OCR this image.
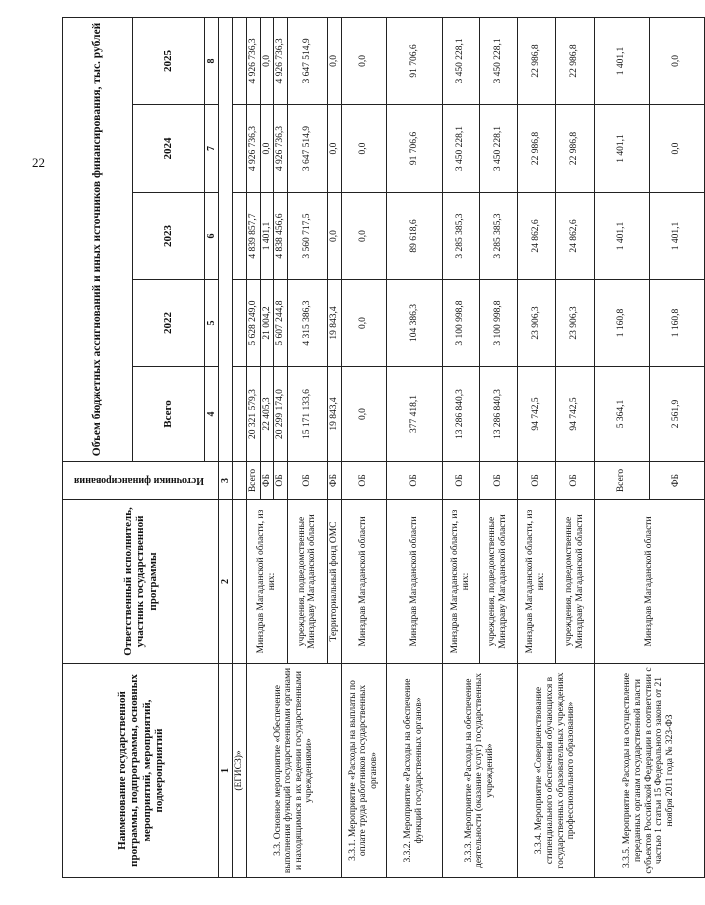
22
Наименование государственной программы, подпрограммы, основных мероприятий, мероприятий, подмероприятий	Ответственный исполнитель, участник государственной программы	Источники финансирования	Объем бюджетных ассигнований и иных источников финансирования, тыс. рублей				
			Всего	2022	2023	2024	2025
			4	5	6	7	8
1	2	3					
(ЕГИСЗ)»							
3.3. Основное мероприятие «Обеспечение выполнения функций государственными органами и находящимися в их ведении государственными учреждениями»	Минздрав Магаданской области, из них:	Всего	20 321 579,3	5 628 249,0	4 839 857,7	4 926 736,3	4 926 736,3
		ФБ	22 405,3	21 004,2	1 401,1	0,0	0,0
		ОБ	20 299 174,0	5 607 244,8	4 838 456,6	4 926 736,3	4 926 736,3
	учреждения, подведомственные Минздраву Магаданской области	ОБ	15 171 133,6	4 315 386,3	3 560 717,5	3 647 514,9	3 647 514,9
	Территориальный фонд ОМС	ФБ	19 843,4	19 843,4	0,0	0,0	0,0
3.3.1. Мероприятие «Расходы на выплаты по оплате труда работников государственных органов»	Минздрав Магаданской области	ОБ	0,0	0,0	0,0	0,0	0,0
3.3.2. Мероприятие «Расходы на обеспечение функций государственных органов»	Минздрав Магаданской области	ОБ	377 418,1	104 386,3	89 618,6	91 706,6	91 706,6
3.3.3. Мероприятие «Расходы на обеспечение деятельности (оказание услуг) государственных учреждений»	Минздрав Магаданской области, из них:	ОБ	13 286 840,3	3 100 998,8	3 285 385,3	3 450 228,1	3 450 228,1
	учреждения, подведомственные Минздраву Магаданской области	ОБ	13 286 840,3	3 100 998,8	3 285 385,3	3 450 228,1	3 450 228,1
3.3.4. Мероприятие «Совершенствование стипендиального обеспечения обучающихся в государственных образовательных учреждениях профессионального образования»	Минздрав Магаданской области, из них:	ОБ	94 742,5	23 906,3	24 862,6	22 986,8	22 986,8
	учреждения, подведомственные Минздраву Магаданской области	ОБ	94 742,5	23 906,3	24 862,6	22 986,8	22 986,8
3.3.5. Мероприятие «Расходы на осуществление переданных органам государственной власти субъектов Российской Федерации в соответствии с частью 1 статьи 15 Федерального закона от 21 ноября 2011 года № 323-ФЗ	Минздрав Магаданской области	Всего	5 364,1	1 160,8	1 401,1	1 401,1	1 401,1
		ФБ	2 561,9	1 160,8	1 401,1	0,0	0,0
